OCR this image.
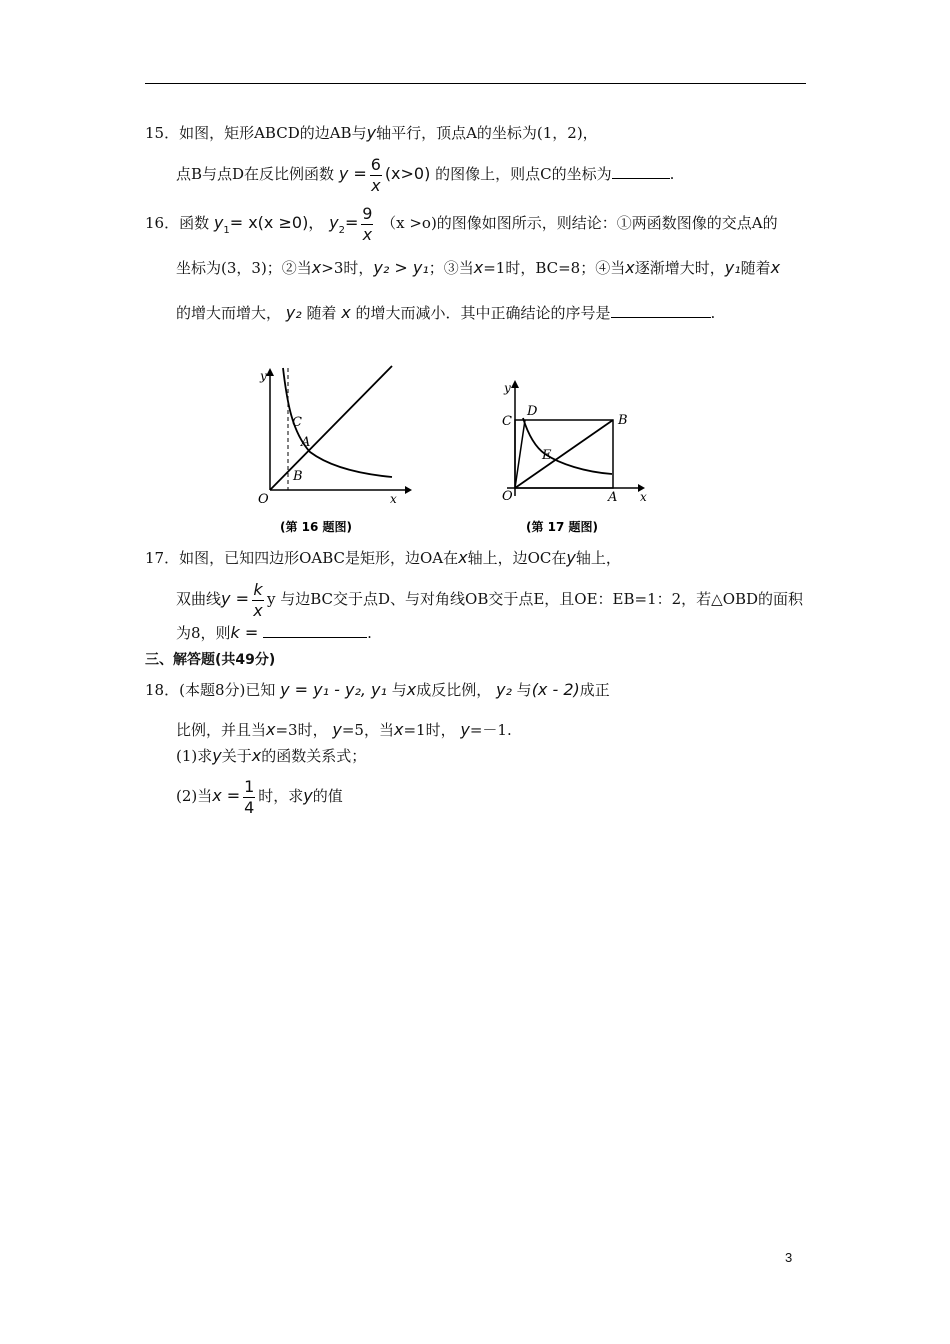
15．如图，矩形ABCD的边AB与y轴平行，顶点A的坐标为(1，2)，
点B与点D在反比例函数 $y = \frac{6}{x} (x>0)$ 的图像上，则点C的坐标为	.
16．函数 $y_1= x(x \ge 0)$， $y_2= \frac{9}{x} (x >o)$的图像如图所示，则结论：①两函数图像的交点A的
坐标为(3，3)；②当x>3时，y₂ > y₁；③当x=1时，BC=8；④当x逐渐增大时，y₁随着x
的增大而增大， y₂ 随着 x 的增大而减小．其中正确结论的序号是	.
y
C
A
B
O	x
(第 16 题图)
y
C
D
B
E
O	A x
(第 17 题图)
17．如图，已知四边形OABC是矩形，边OA在x轴上，边OC在y轴上，
双曲线$y = \frac{k}{x}$ y 与边BC交于点D、与对角线OB交于点E，且OE：EB=1：2，若△OBD的面积
为8，则k =	.
三、解答题(共49分)
18．(本题8分)已知 y = y₁ - y₂, y₁ 与x成反比例， y₂ 与(x - 2)成正
比例，并且当x=3时， y=5，当x=1时， y=－1.
(1)求y关于x的函数关系式；
(2)当$x = \frac{1}{4}$ 时，求y的值
3
